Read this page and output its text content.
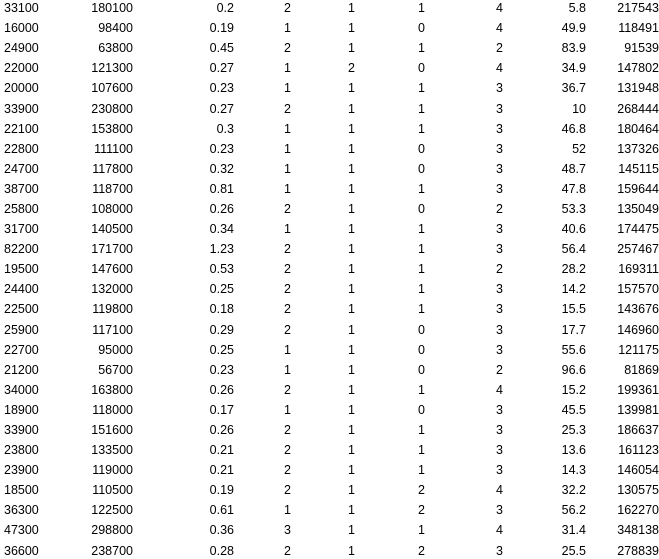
33100	180100	0.2	2	1	1	4	5.8	217543
16000	98400	0.19	1	1	0	4	49.9	118491
24900	63800	0.45	2	1	1	2	83.9	91539
22000	121300	0.27	1	2	0	4	34.9	147802
20000	107600	0.23	1	1	1	3	36.7	131948
33900	230800	0.27	2	1	1	3	10	268444
22100	153800	0.3	1	1	1	3	46.8	180464
22800	111100	0.23	1	1	0	3	52	137326
24700	117800	0.32	1	1	0	3	48.7	145115
38700	118700	0.81	1	1	1	3	47.8	159644
25800	108000	0.26	2	1	0	2	53.3	135049
31700	140500	0.34	1	1	1	3	40.6	174475
82200	171700	1.23	2	1	1	3	56.4	257467
19500	147600	0.53	2	1	1	2	28.2	169311
24400	132000	0.25	2	1	1	3	14.2	157570
22500	119800	0.18	2	1	1	3	15.5	143676
25900	117100	0.29	2	1	0	3	17.7	146960
22700	95000	0.25	1	1	0	3	55.6	121175
21200	56700	0.23	1	1	0	2	96.6	81869
34000	163800	0.26	2	1	1	4	15.2	199361
18900	118000	0.17	1	1	0	3	45.5	139981
33900	151600	0.26	2	1	1	3	25.3	186637
23800	133500	0.21	2	1	1	3	13.6	161123
23900	119000	0.21	2	1	1	3	14.3	146054
18500	110500	0.19	2	1	2	4	32.2	130575
36300	122500	0.61	1	1	2	3	56.2	162270
47300	298800	0.36	3	1	1	4	31.4	348138
36600	238700	0.28	2	1	2	3	25.5	278839
